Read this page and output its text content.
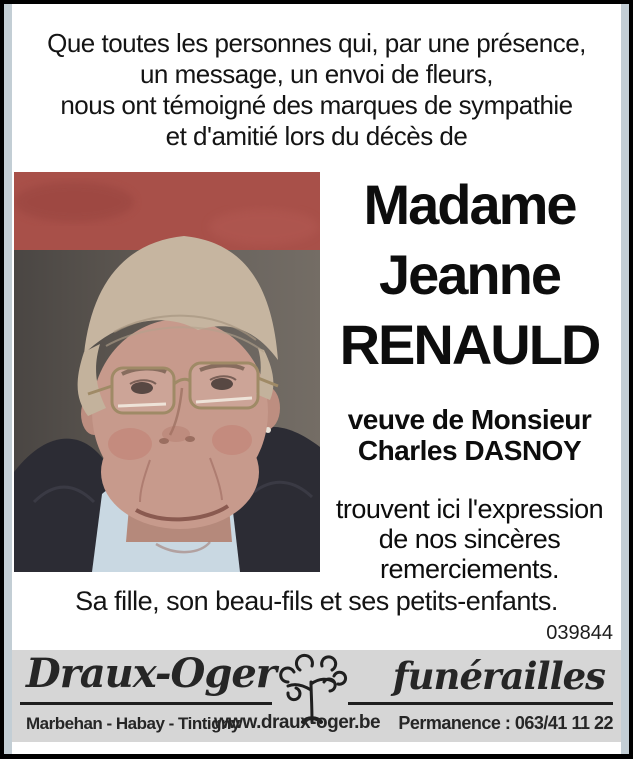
Que toutes les personnes qui, par une présence,
un message, un envoi de fleurs,
nous ont témoigné des marques de sympathie
et d'amitié lors du décès de
Madame
Jeanne
RENAULD
veuve de Monsieur
Charles DASNOY
trouvent ici l'expression
de nos sincères
remerciements.
Sa fille, son beau-fils et ses petits-enfants.
039844
Draux-Oger	funérailles
Marbehan - Habay - Tintigny
www.draux-oger.be Permanence : 063/41 11 22
